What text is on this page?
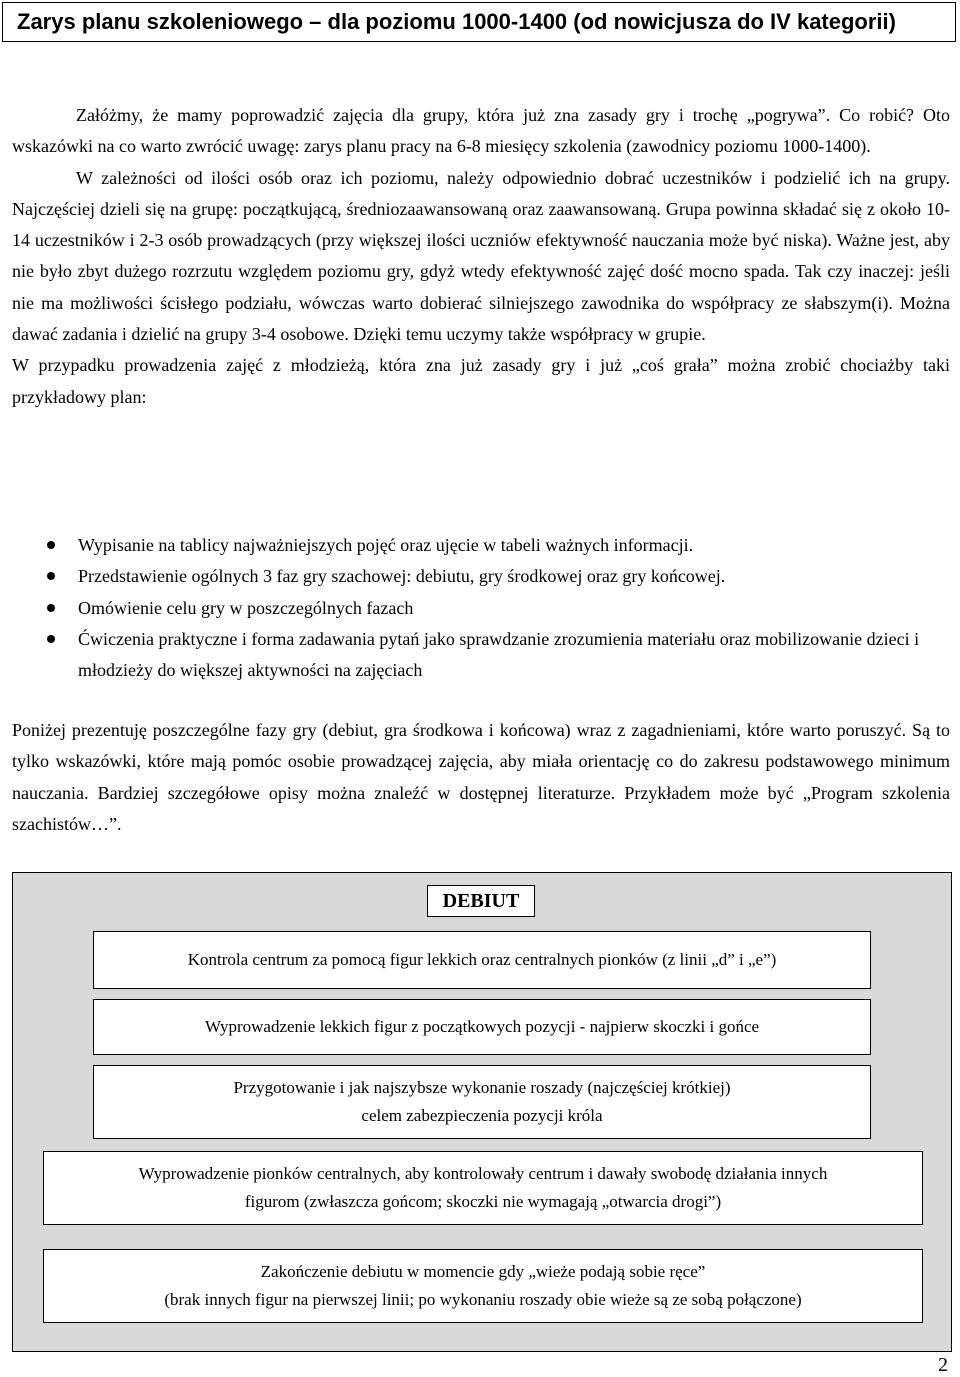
Zarys planu szkoleniowego – dla poziomu 1000-1400 (od nowicjusza do IV kategorii)

Załóżmy, że mamy poprowadzić zajęcia dla grupy, która już zna zasady gry i trochę „pogrywa”. Co robić? Oto wskazówki na co warto zwrócić uwagę: zarys planu pracy na 6-8 miesięcy szkolenia (zawodnicy poziomu 1000-1400).

W zależności od ilości osób oraz ich poziomu, należy odpowiednio dobrać uczestników i podzielić ich na grupy. Najczęściej dzieli się na grupę: początkującą, średniozaawansowaną oraz zaawansowaną. Grupa powinna składać się z około 10-14 uczestników i 2-3 osób prowadzących (przy większej ilości uczniów efektywność nauczania może być niska). Ważne jest, aby nie było zbyt dużego rozrzutu względem poziomu gry, gdyż wtedy efektywność zajęć dość mocno spada. Tak czy inaczej: jeśli nie ma możliwości ścisłego podziału, wówczas warto dobierać silniejszego zawodnika do współpracy ze słabszym(i). Można dawać zadania i dzielić na grupy 3-4 osobowe. Dzięki temu uczymy także współpracy w grupie.

W przypadku prowadzenia zajęć z młodzieżą, która zna już zasady gry i już „coś grała” można zrobić chociażby taki przykładowy plan:

Wypisanie na tablicy najważniejszych pojęć oraz ujęcie w tabeli ważnych informacji.
Przedstawienie ogólnych 3 faz gry szachowej: debiutu, gry środkowej oraz gry końcowej.
Omówienie celu gry w poszczególnych fazach
Ćwiczenia praktyczne i forma zadawania pytań jako sprawdzanie zrozumienia materiału oraz mobilizowanie dzieci i młodzieży do większej aktywności na zajęciach

Poniżej prezentuję poszczególne fazy gry (debiut, gra środkowa i końcowa) wraz z zagadnieniami, które warto poruszyć. Są to tylko wskazówki, które mają pomóc osobie prowadzącej zajęcia, aby miała orientację co do zakresu podstawowego minimum nauczania. Bardziej szczegółowe opisy można znaleźć w dostępnej literaturze. Przykładem może być „Program szkolenia szachistów…”.

DEBIUT
Kontrola centrum za pomocą figur lekkich oraz centralnych pionków (z linii „d” i „e”)
Wyprowadzenie lekkich figur z początkowych pozycji - najpierw skoczki i gońce
Przygotowanie i jak najszybsze wykonanie roszady (najczęściej krótkiej)
celem zabezpieczenia pozycji króla
Wyprowadzenie pionków centralnych, aby kontrolowały centrum i dawały swobodę działania innych
figurom (zwłaszcza gońcom; skoczki nie wymagają „otwarcia drogi”)
Zakończenie debiutu w momencie gdy „wieże podają sobie ręce”
(brak innych figur na pierwszej linii; po wykonaniu roszady obie wieże są ze sobą połączone)
2
